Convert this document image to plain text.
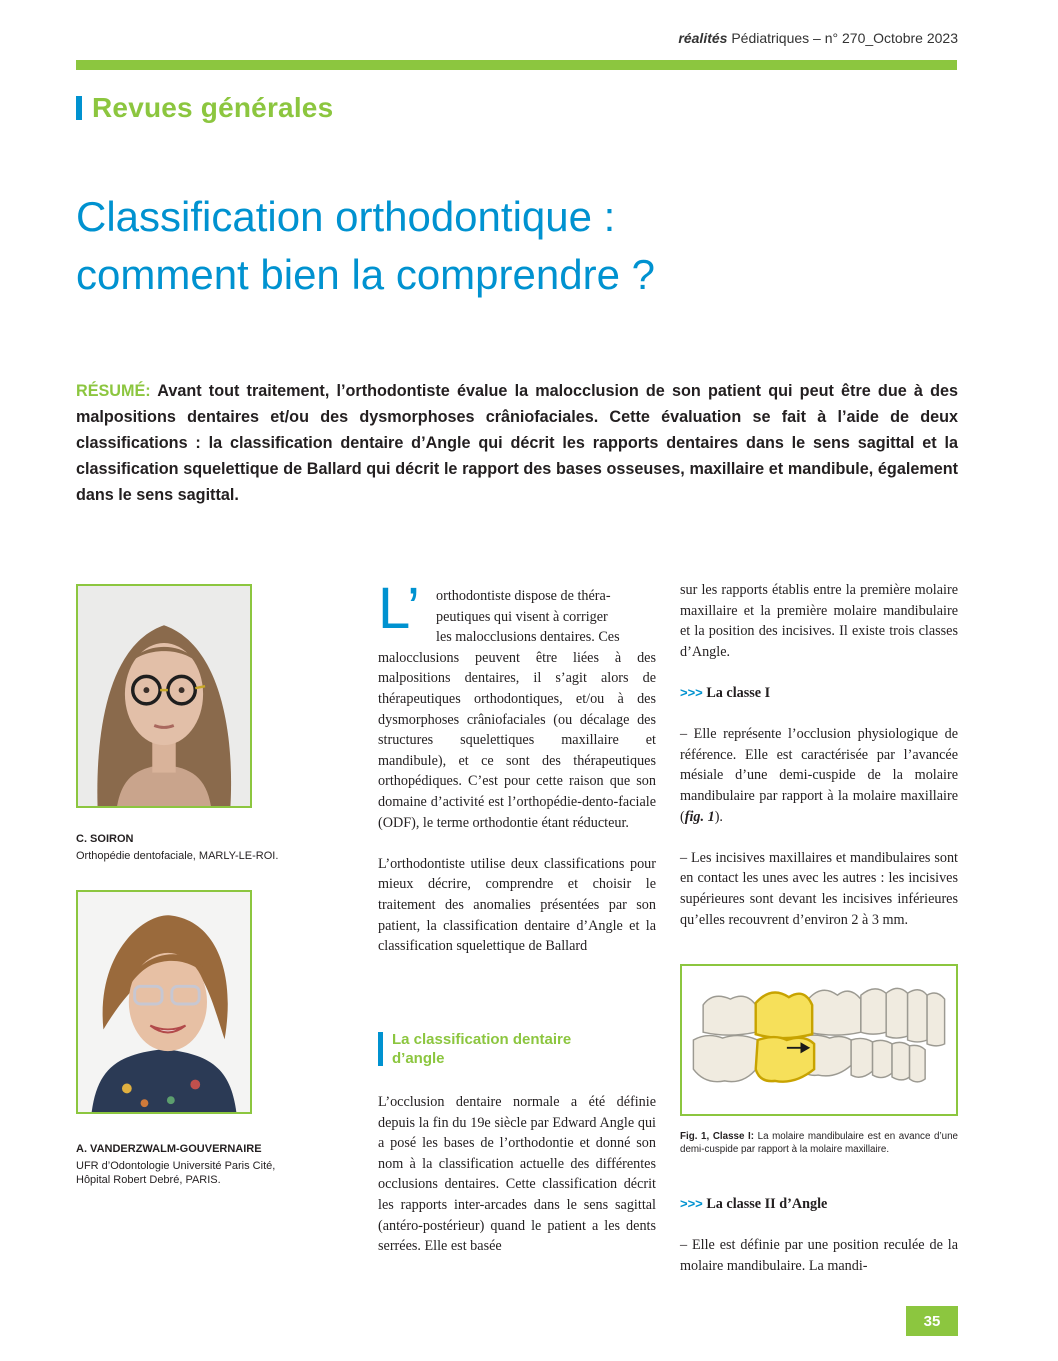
réalités Pédiatriques – n° 270_Octobre 2023
Revues générales
Classification orthodontique :
comment bien la comprendre ?
RÉSUMÉ: Avant tout traitement, l’orthodontiste évalue la malocclusion de son patient qui peut être due à des malpositions dentaires et/ou des dysmorphoses crâniofaciales. Cette évaluation se fait à l’aide de deux classifications : la classification dentaire d’Angle qui décrit les rapports dentaires dans le sens sagittal et la classification squelettique de Ballard qui décrit le rapport des bases osseuses, maxillaire et mandibule, également dans le sens sagittal.
C. SOIRON
Orthopédie dentofaciale, MARLY-LE-ROI.
A. VANDERZWALM-GOUVERNAIRE
UFR d’Odontologie Université Paris Cité,
Hôpital Robert Debré, PARIS.
L’	orthodontiste dispose de théra-
peutiques qui visent à corriger
les malocclusions dentaires. Ces

malocclusions peuvent être liées à des malpositions dentaires, il s’agit alors de thérapeutiques orthodontiques, et/ou à des dysmorphoses crâniofaciales (ou décalage des structures squelettiques maxillaire et mandibule), et ce sont des thérapeutiques orthopédiques. C’est pour cette raison que son domaine d’activité est l’orthopédie-dento-faciale (ODF), le terme orthodontie étant réducteur.

L’orthodontiste utilise deux classifications pour mieux décrire, comprendre et choisir le traitement des anomalies présentées par son patient, la classification dentaire d’Angle et la classification squelettique de Ballard

La classification dentaire
d’angle

L’occlusion dentaire normale a été définie depuis la fin du 19e siècle par Edward Angle qui a posé les bases de l’orthodontie et donné son nom à la classification actuelle des différentes occlusions dentaires. Cette classification décrit les rapports inter-arcades dans le sens sagittal (antéro-postérieur) quand le patient a les dents serrées. Elle est basée

sur les rapports établis entre la première molaire maxillaire et la première molaire mandibulaire et la position des incisives. Il existe trois classes d’Angle.

>>> La classe I

– Elle représente l’occlusion physiologique de référence. Elle est caractérisée par l’avancée mésiale d’une demi-cuspide de la molaire mandibulaire par rapport à la molaire maxillaire (fig. 1).

– Les incisives maxillaires et mandibulaires sont en contact les unes avec les autres : les incisives supérieures sont devant les incisives inférieures qu’elles recouvrent d’environ 2 à 3 mm.

Fig. 1, Classe I: La molaire mandibulaire est en avance d’une demi-cuspide par rapport à la molaire maxillaire.

>>> La classe II d’Angle

– Elle est définie par une position reculée de la molaire mandibulaire. La mandi-

35
